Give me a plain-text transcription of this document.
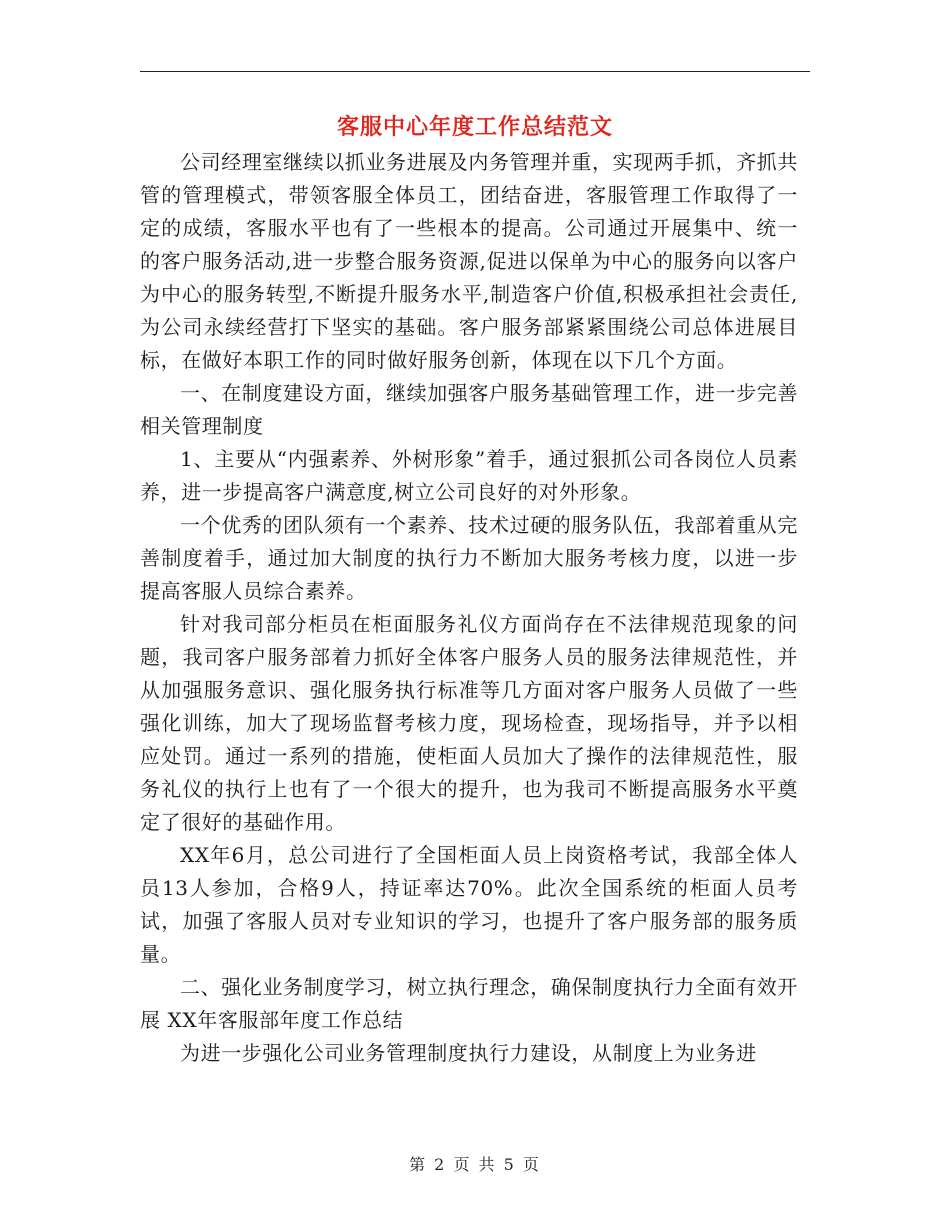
客服中心年度工作总结范文

公司经理室继续以抓业务进展及内务管理并重，实现两手抓，齐抓共管的管理模式，带领客服全体员工，团结奋进，客服管理工作取得了一定的成绩，客服水平也有了一些根本的提高。公司通过开展集中、统一的客户服务活动,进一步整合服务资源,促进以保单为中心的服务向以客户为中心的服务转型,不断提升服务水平,制造客户价值,积极承担社会责任,为公司永续经营打下坚实的基础。客户服务部紧紧围绕公司总体进展目标，在做好本职工作的同时做好服务创新，体现在以下几个方面。

一、在制度建设方面，继续加强客户服务基础管理工作，进一步完善相关管理制度

1、主要从“内强素养、外树形象”着手，通过狠抓公司各岗位人员素养，进一步提高客户满意度,树立公司良好的对外形象。

一个优秀的团队须有一个素养、技术过硬的服务队伍，我部着重从完善制度着手，通过加大制度的执行力不断加大服务考核力度，以进一步提高客服人员综合素养。

针对我司部分柜员在柜面服务礼仪方面尚存在不法律规范现象的问题，我司客户服务部着力抓好全体客户服务人员的服务法律规范性，并从加强服务意识、强化服务执行标准等几方面对客户服务人员做了一些强化训练，加大了现场监督考核力度，现场检查，现场指导，并予以相应处罚。通过一系列的措施，使柜面人员加大了操作的法律规范性，服务礼仪的执行上也有了一个很大的提升，也为我司不断提高服务水平奠定了很好的基础作用。

XX年6月，总公司进行了全国柜面人员上岗资格考试，我部全体人员13人参加，合格9人，持证率达70%。此次全国系统的柜面人员考试，加强了客服人员对专业知识的学习，也提升了客户服务部的服务质量。

二、强化业务制度学习，树立执行理念，确保制度执行力全面有效开展 XX年客服部年度工作总结

为进一步强化公司业务管理制度执行力建设，从制度上为业务进

第 2 页 共 5 页
